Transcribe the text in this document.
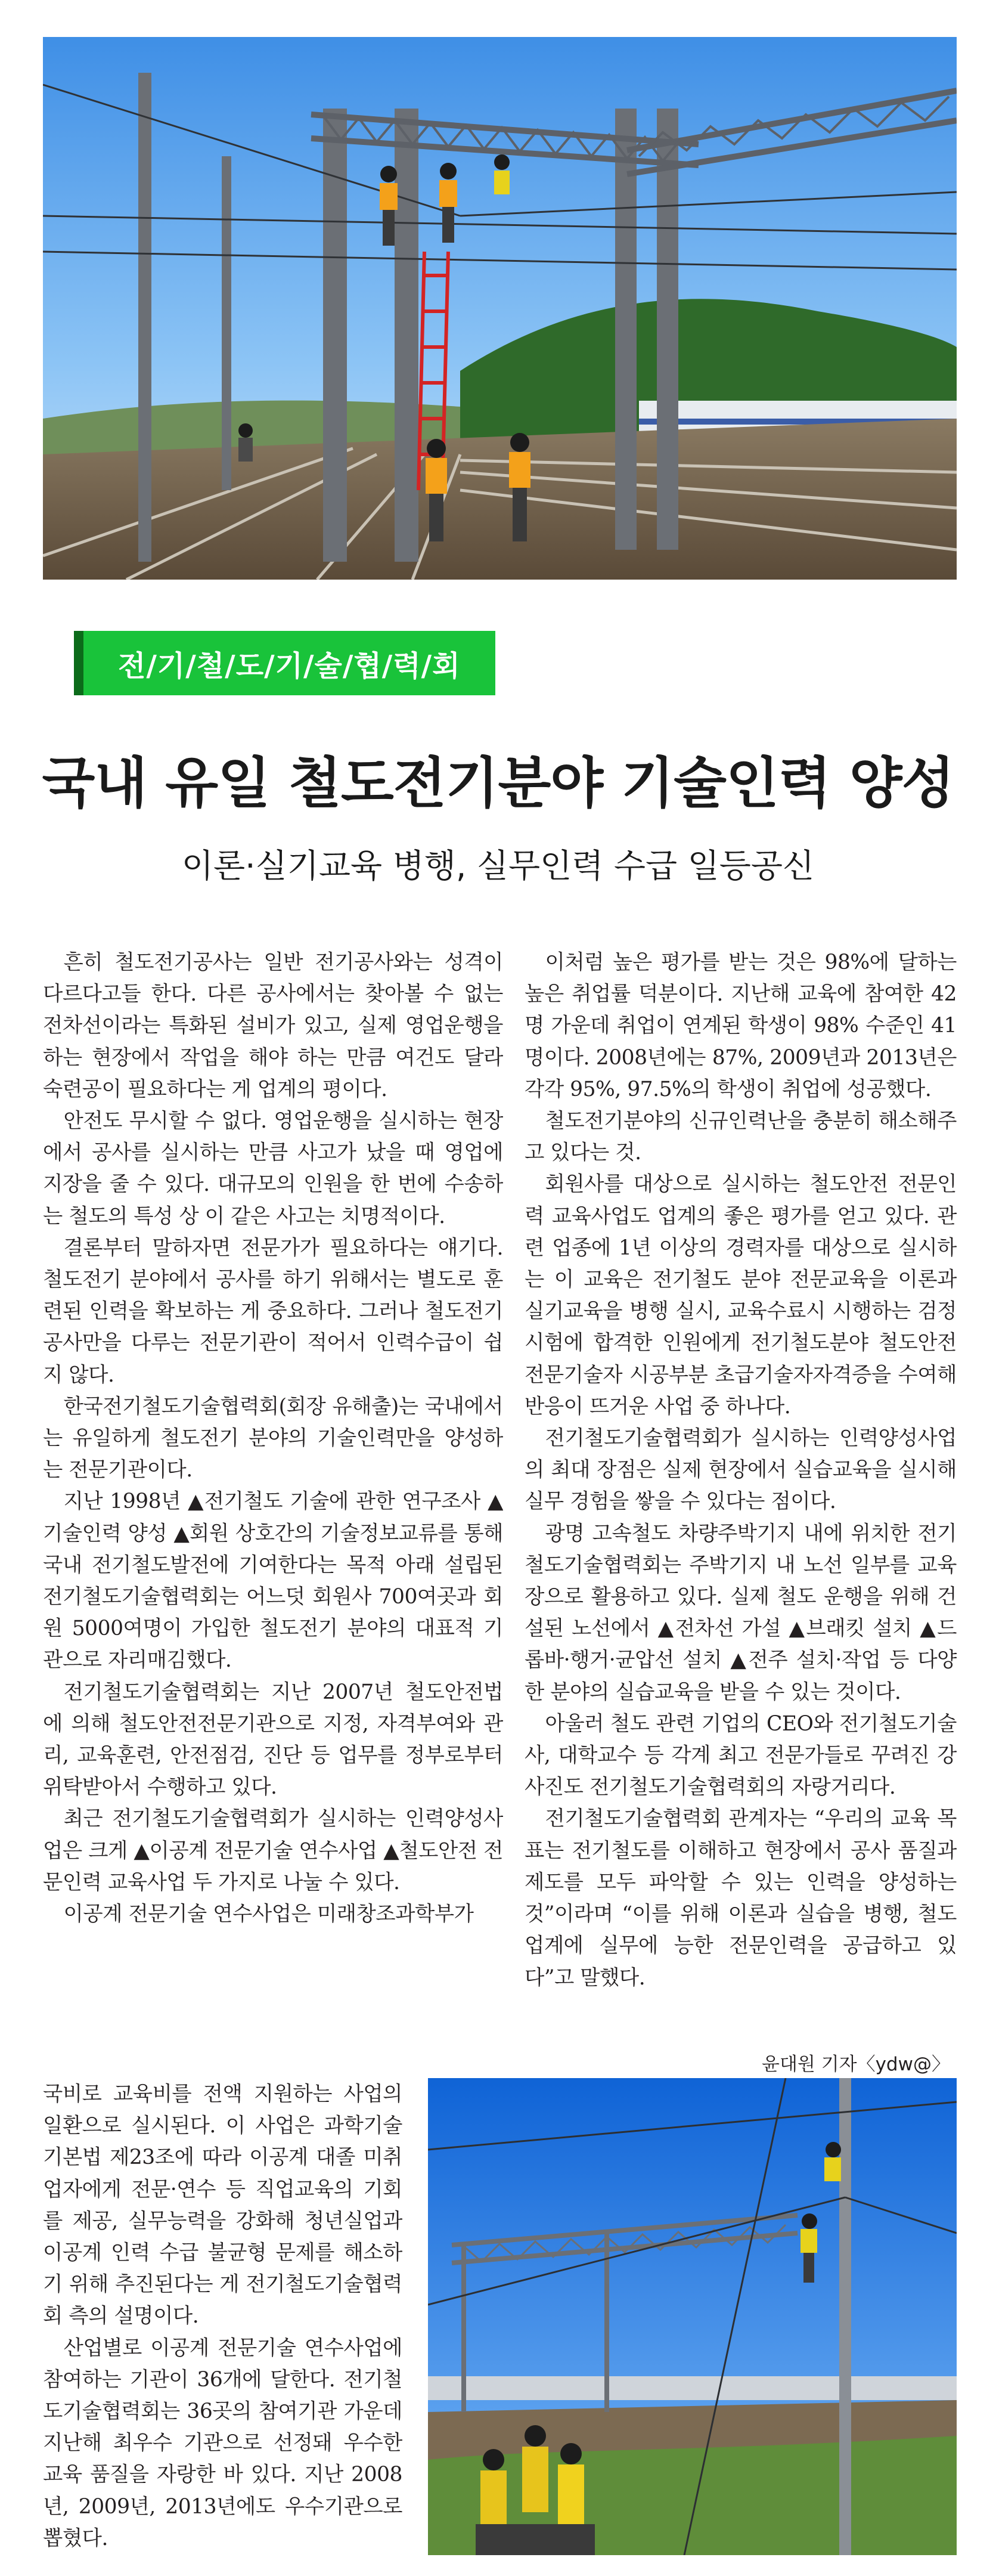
전/기/철/도/기/술/협/력/회
국내 유일 철도전기분야 기술인력 양성
이론·실기교육 병행, 실무인력 수급 일등공신

흔히 철도전기공사는 일반 전기공사와는 성격이 다르다고들 한다. 다른 공사에서는 찾아볼 수 없는 전차선이라는 특화된 설비가 있고, 실제 영업운행을 하는 현장에서 작업을 해야 하는 만큼 여건도 달라 숙련공이 필요하다는 게 업계의 평이다.

안전도 무시할 수 없다. 영업운행을 실시하는 현장에서 공사를 실시하는 만큼 사고가 났을 때 영업에 지장을 줄 수 있다. 대규모의 인원을 한 번에 수송하는 철도의 특성 상 이 같은 사고는 치명적이다.

결론부터 말하자면 전문가가 필요하다는 얘기다. 철도전기 분야에서 공사를 하기 위해서는 별도로 훈련된 인력을 확보하는 게 중요하다. 그러나 철도전기공사만을 다루는 전문기관이 적어서 인력수급이 쉽지 않다.

한국전기철도기술협력회(회장 유해출)는 국내에서는 유일하게 철도전기 분야의 기술인력만을 양성하는 전문기관이다.

지난 1998년 ▲전기철도 기술에 관한 연구조사 ▲기술인력 양성 ▲회원 상호간의 기술정보교류를 통해 국내 전기철도발전에 기여한다는 목적 아래 설립된 전기철도기술협력회는 어느덧 회원사 700여곳과 회원 5000여명이 가입한 철도전기 분야의 대표적 기관으로 자리매김했다.

전기철도기술협력회는 지난 2007년 철도안전법에 의해 철도안전전문기관으로 지정, 자격부여와 관리, 교육훈련, 안전점검, 진단 등 업무를 정부로부터 위탁받아서 수행하고 있다.

최근 전기철도기술협력회가 실시하는 인력양성사업은 크게 ▲이공계 전문기술 연수사업 ▲철도안전 전문인력 교육사업 두 가지로 나눌 수 있다.

이공계 전문기술 연수사업은 미래창조과학부가

국비로 교육비를 전액 지원하는 사업의 일환으로 실시된다. 이 사업은 과학기술기본법 제23조에 따라 이공계 대졸 미취업자에게 전문·연수 등 직업교육의 기회를 제공, 실무능력을 강화해 청년실업과 이공계 인력 수급 불균형 문제를 해소하기 위해 추진된다는 게 전기철도기술협력회 측의 설명이다.

산업별로 이공계 전문기술 연수사업에 참여하는 기관이 36개에 달한다. 전기철도기술협력회는 36곳의 참여기관 가운데 지난해 최우수 기관으로 선정돼 우수한 교육 품질을 자랑한 바 있다. 지난 2008년, 2009년, 2013년에도 우수기관으로 뽑혔다.

이처럼 높은 평가를 받는 것은 98%에 달하는 높은 취업률 덕분이다. 지난해 교육에 참여한 42명 가운데 취업이 연계된 학생이 98% 수준인 41명이다. 2008년에는 87%, 2009년과 2013년은 각각 95%, 97.5%의 학생이 취업에 성공했다.

철도전기분야의 신규인력난을 충분히 해소해주고 있다는 것.

회원사를 대상으로 실시하는 철도안전 전문인력 교육사업도 업계의 좋은 평가를 얻고 있다. 관련 업종에 1년 이상의 경력자를 대상으로 실시하는 이 교육은 전기철도 분야 전문교육을 이론과 실기교육을 병행 실시, 교육수료시 시행하는 검정시험에 합격한 인원에게 전기철도분야 철도안전 전문기술자 시공부분 초급기술자자격증을 수여해 반응이 뜨거운 사업 중 하나다.

전기철도기술협력회가 실시하는 인력양성사업의 최대 장점은 실제 현장에서 실습교육을 실시해 실무 경험을 쌓을 수 있다는 점이다.

광명 고속철도 차량주박기지 내에 위치한 전기철도기술협력회는 주박기지 내 노선 일부를 교육장으로 활용하고 있다. 실제 철도 운행을 위해 건설된 노선에서 ▲전차선 가설 ▲브래킷 설치 ▲드롭바·행거·균압선 설치 ▲전주 설치·작업 등 다양한 분야의 실습교육을 받을 수 있는 것이다.

아울러 철도 관련 기업의 CEO와 전기철도기술사, 대학교수 등 각계 최고 전문가들로 꾸려진 강사진도 전기철도기술협력회의 자랑거리다.

전기철도기술협력회 관계자는 “우리의 교육 목표는 전기철도를 이해하고 현장에서 공사 품질과 제도를 모두 파악할 수 있는 인력을 양성하는 것”이라며 “이를 위해 이론과 실습을 병행, 철도업계에 실무에 능한 전문인력을 공급하고 있다”고 말했다.

윤대원 기자〈ydw@〉
